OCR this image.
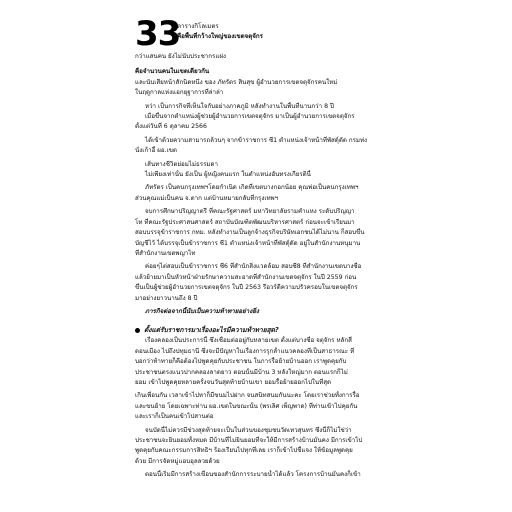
33
ตารางกิโลเมตร
คือพื้นที่กว้างใหญ่ของเขตจตุจักร
กว่าแสนคน ยังไม่นับประชากรแฝง
คือจำนวนคนในเขตเดียวกัน
และนับเสียหน้าสักนิดหนึ่ง ของ ภัทรัตร สินสุข ผู้อำนวยการเขตจตุจักรคนใหม่
ในฤดูกาลแห่งแอกยุฐาการที่ล่าล่า
หว่า เป็นการกิจที่เห็นใจกับอย่างภาคภูมิ หลังทำงานในพื้นที่นานกว่า 8 ปี
เมื่อขึ้นจากตำแหน่งผู้ช่วยผู้อำนวยการเขตจตุจักร มาเป็นผู้อำนวยการเขตจตุจักร
ตั้งแต่วันที่ 6 ตุลาคม 2566
ได้เข้าด้วยความสามารถล้วนๆ จากข้าราชการ ซี1 ตำแหน่งเจ้าหน้าที่พัสดุ์ดัด กรมท่ง
นั่งเก้าอี้ ผอ.เขต
เส้นทางชีวิตย่อมไม่ธรรมดา
ไม่เพียงเท่านั้น ยังเป็น ผู้หญิงคนแรก ในตำแหน่งอันทรงเกียรตินี้
ภัทรัตร เป็นคนกรุงเทพฯโดยกำเนิด เกิดที่เขตบางกอกน้อย คุณพ่อเป็นคนกรุงเทพฯ
ส่วนคุณแม่เป็นคน จ.ตาก แต่บ้านหมายกลับที่กรุงเทพฯ
จบการศึกษาปริญญาตรี ที่คณะรัฐศาสตร์ มหาวิทยาลัยรามคำแหง ระดับปริญญา
โท ที่คณะรัฐประศาสนศาสตร์ สถาบันบัณฑิตพัฒนบริหารศาสตร์ ก่อนจะเข้าเรียนมา
สอบบรรจุข้าราชการ กทม. หลังทำงานเป็นลูกจ้างธุรกิจบริษัทเอกชนได้ไม่นาน ก็สอบขึ้น
บัญชีไว้ ได้บรรจุเป็นข้าราชการ ซี1 ตำแหน่งเจ้าหน้าที่พัสดุ์ดัด อยู่ในสำนักงานหนุมาน
ที่สำนักงานเขตพญาไท
ค่อยๆไต่สอบเป็นข้าราชการ ซี6 ที่สำนักสิ่งแวดล้อม สอบซี8 ที่สำนักงานเขตบางซื่อ
แล้วย้ายมาเป็นหัวหน้าฝ่ายรักษาความสะอาดที่สำนักงานเขตจตุจักร ในปี 2559 ก่อน
ขึ้นเป็นผู้ช่วยผู้อำนวยการเขตจตุจักร ในปี 2563 รีอวร์ดีความปรัวครอบในเขตจตุจักร
มาอย่างยาวนานถึง 8 ปี
ภารกิจต่อจากนี้นับเป็นความท้าทายอย่างยิ่ง
ตั้งแต่รับราชการมาเรื่องอะไรมีความท้าทายสุด?
เรื่องคลองเป็นประการนี้ ซึ่งเชื่อมต่ออยู่กับหลายเขต ตั้งแต่บางซื่อ จตุจักร หลักสี่
ดอนเมือง ไปถึงปทุมธานี ซึ่งจะมีปัญหาในเรื่องการรุกล้ำแนวคลองที่เป็นสาธารณะ ที่
บอกว่าท้าทายก็คือต้องไปพูดคุยกับประชาชน ในการรื้อย้ายบ้านออก เราพูดคุยกับ
ประชาชนตรงแนวปากคลองลาดยาว ตอนนั้นมีบ้าน 3 หลังใหญ่มาก ตอนแรกก็ไม่
ยอม เข้าไปพูดคุยหลายครั้งจนวันสุดท้ายบ้านเขา ยอมรื้อย้ายออกไปในที่สุด
เกินเพื่อนกัน เวลาเข้าไปหาก็มีขนมไปฝาก จนสนิทสนมกันนะคะ โดยเราช่วยทั้งการรื้อ
และขนย้าย โดยเฉพาะท่าน ผอ.เขตในขณะนั้น (พรเลิศ เพ็ญพาด) ที่ท่านเข้าไปคุยกัน
และเราก็เป็นคนเข้าไปสานต่อ
จนบัดนี้ไม่ควรมีช่วงสุดท้ายจะเป็นในส่วนของชุมชนวัดเทวสุนทร ซึ่งนี้ก็ไม่ใช่ว่า
ประชาชนจะยินยอมทั้งหมด มีบ้านที่ไม่ยินยอมที่จะให้มีการสร้างบ้านมั่นคง มีการเข้าไป
พูดคุยกับคณะกรรมการสิทธิฯ ร้องเรียนไปทุกที่เลย เราก็เข้าไปชี้แจง ให้ข้อมูลพูดคุย
ด้วย มีการจัดหมู่แอบอุลลวยด้วย
ตอนนี้เริ่มมีการสร้างเขื่อนของสำนักการระบายน้ำได้แล้ว โครงการบ้านมั่นคงก็เข้า
